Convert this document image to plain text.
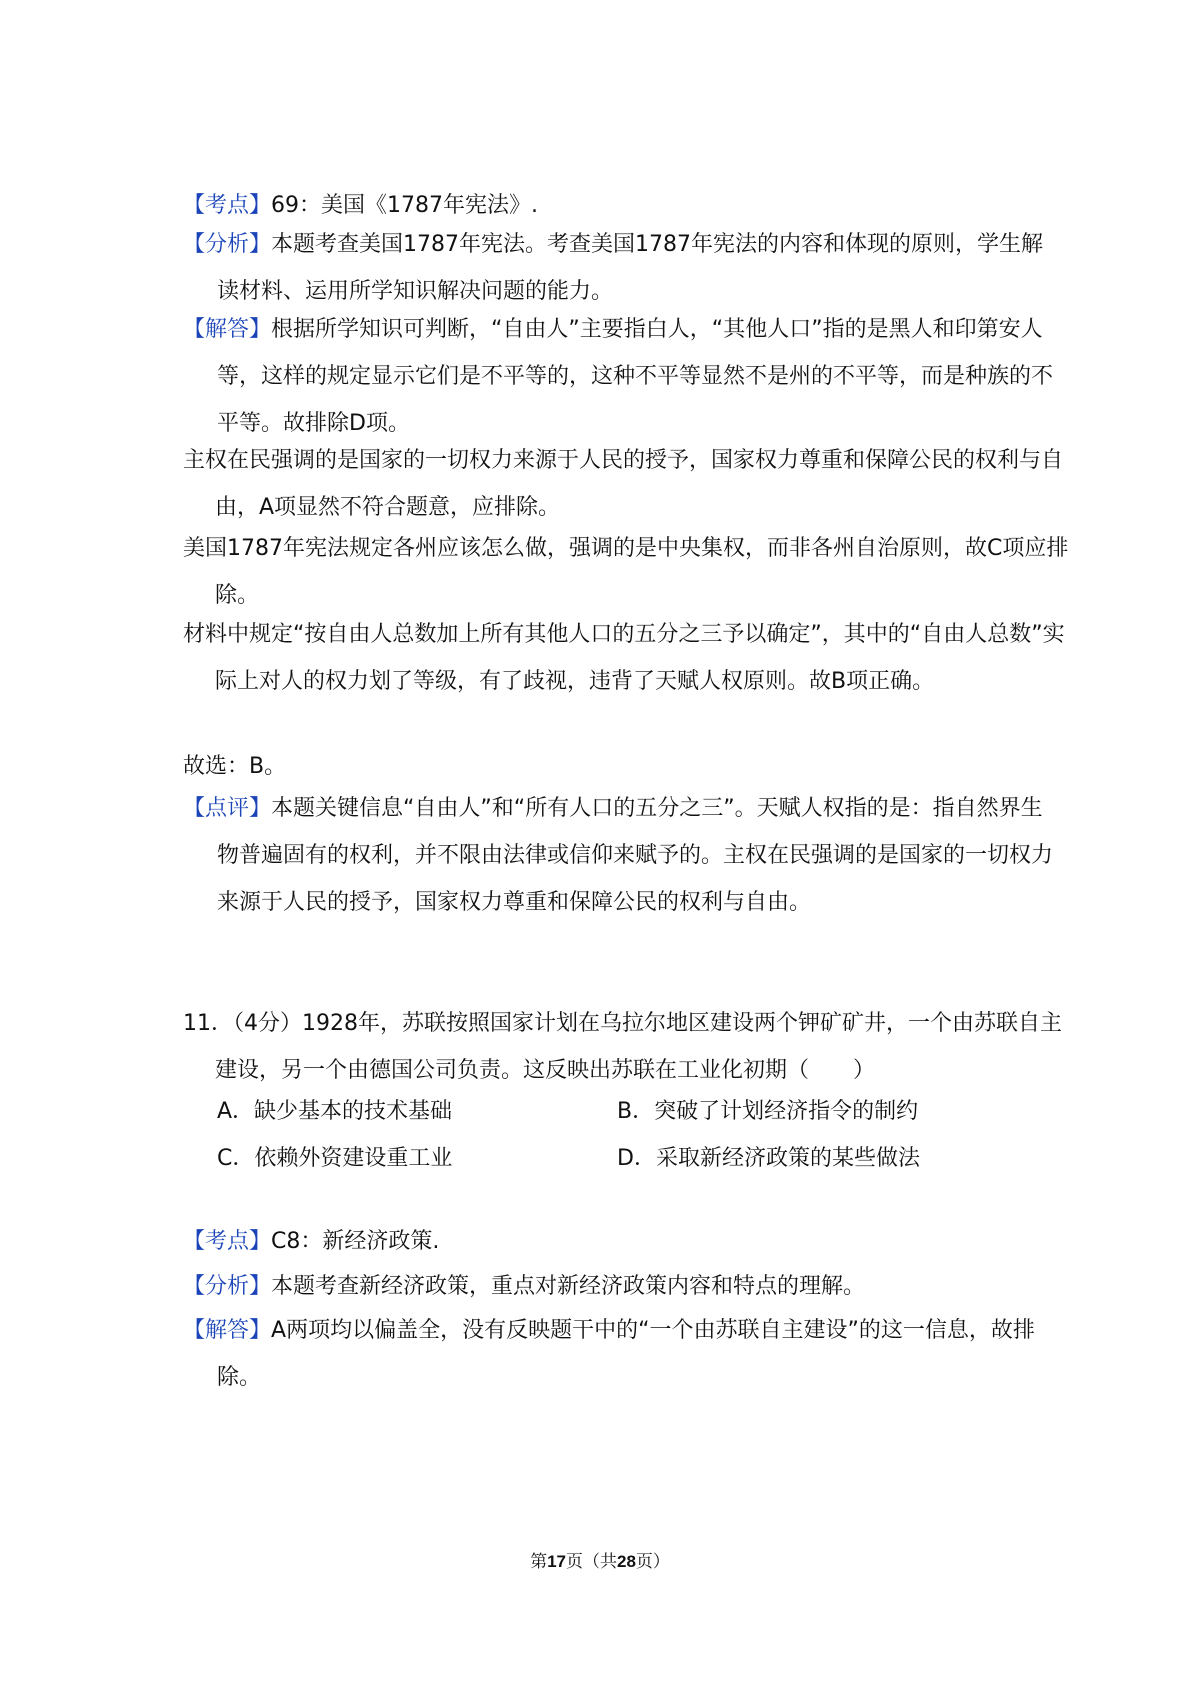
【考点】69：美国《1787年宪法》.

【分析】本题考查美国1787年宪法。考查美国1787年宪法的内容和体现的原则，学生解读材料、运用所学知识解决问题的能力。

【解答】根据所学知识可判断，“自由人”主要指白人，“其他人口”指的是黑人和印第安人等，这样的规定显示它们是不平等的，这种不平等显然不是州的不平等，而是种族的不平等。故排除D项。

主权在民强调的是国家的一切权力来源于人民的授予，国家权力尊重和保障公民的权利与自由，A项显然不符合题意，应排除。

美国1787年宪法规定各州应该怎么做，强调的是中央集权，而非各州自治原则，故C项应排除。

材料中规定“按自由人总数加上所有其他人口的五分之三予以确定”，其中的“自由人总数”实际上对人的权力划了等级，有了歧视，违背了天赋人权原则。故B项正确。

故选：B。

【点评】本题关键信息“自由人”和“所有人口的五分之三”。天赋人权指的是：指自然界生物普遍固有的权利，并不限由法律或信仰来赋予的。主权在民强调的是国家的一切权力来源于人民的授予，国家权力尊重和保障公民的权利与自由。

11．（4分）1928年，苏联按照国家计划在乌拉尔地区建设两个钾矿矿井，一个由苏联自主建设，另一个由德国公司负责。这反映出苏联在工业化初期（　　）

A．缺少基本的技术基础	B．突破了计划经济指令的制约
C．依赖外资建设重工业	D．采取新经济政策的某些做法

【考点】C8：新经济政策.

【分析】本题考查新经济政策，重点对新经济政策内容和特点的理解。

【解答】A两项均以偏盖全，没有反映题干中的“一个由苏联自主建设”的这一信息，故排除。

第17页（共28页）
